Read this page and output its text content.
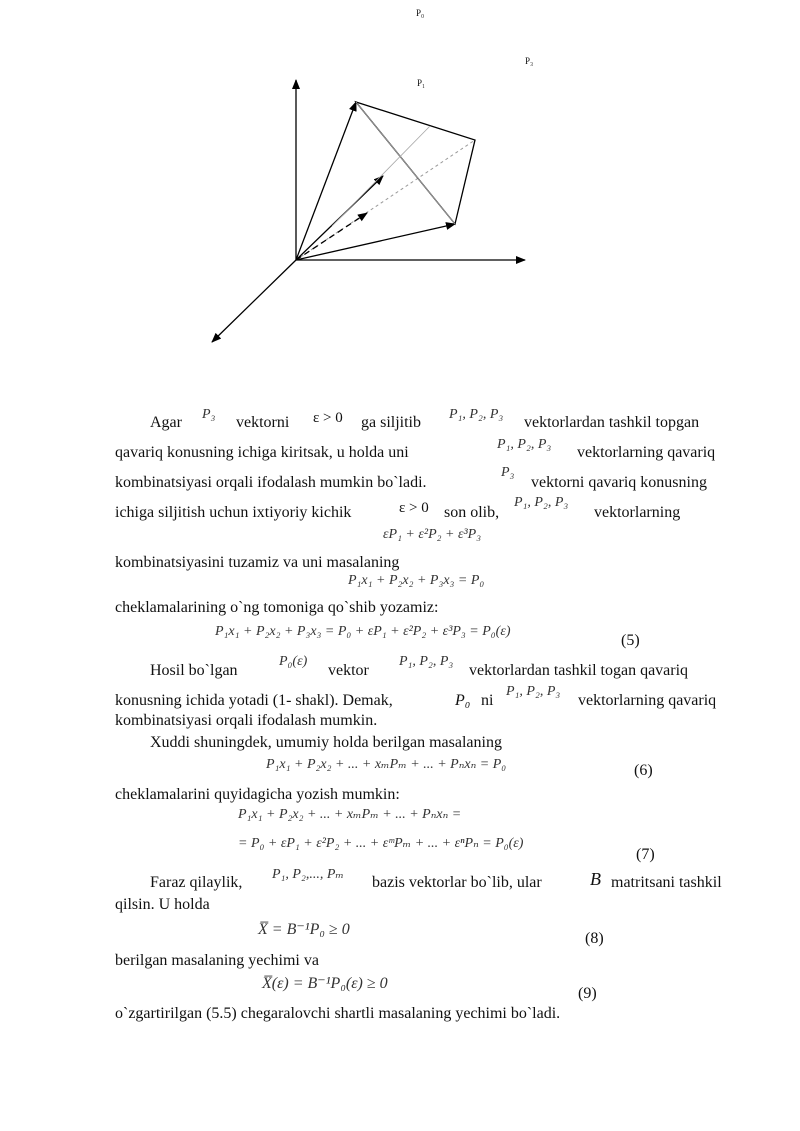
P₀
P₃
P₁
Agar P₃ vektorni ε > 0 ga siljitib P₁, P₂, P₃ vektorlardan tashkil topgan
qavariq konusning ichiga kiritsak, u holda uni	P₁, P₂, P₃ vektorlarning qavariq
kombinatsiyasi orqali ifodalash mumkin bo`ladi.
P₃
vektorni qavariq konusning
ichiga siljitish uchun ixtiyoriy kichik	ε > 0 son olib,
P₁, P₂, P₃
vektorlarning
εP₁ + ε²P₂ + ε³P₃
kombinatsiyasini tuzamiz va uni masalaning
P₁x₁ + P₂x₂ + P₃x₃ = P₀
cheklamalarining o`ng tomoniga qo`shib yozamiz:
P₁x₁ + P₂x₂ + P₃x₃ = P₀ + εP₁ + ε²P₂ + ε³P₃ = P₀(ε)
(5)
Hosil bo`lgan
P₀(ε)
vektor
P₁, P₂, P₃
vektorlardan tashkil togan qavariq
konusning ichida yotadi (1- shakl). Demak,	P₀ ni
P₁, P₂, P₃
vektorlarning qavariq
kombinatsiyasi orqali ifodalash mumkin.
Xuddi shuningdek, umumiy holda berilgan masalaning
P₁x₁ + P₂x₂ + ... + xₘPₘ + ... + Pₙxₙ = P₀	(6)
cheklamalarini quyidagicha yozish mumkin:
P₁x₁ + P₂x₂ + ... + xₘPₘ + ... + Pₙxₙ =
= P₀ + εP₁ + ε²P₂ + ... + εᵐPₘ + ... + εⁿPₙ = P₀(ε)
(7)
Faraz qilaylik, P₁, P₂,..., Pₘ bazis vektorlar bo`lib, ular	B matritsani tashkil
qilsin. U holda
X̅ = B⁻¹P₀ ≥ 0
(8)
berilgan masalaning yechimi va
X̅(ε) = B⁻¹P₀(ε) ≥ 0
(9)
o`zgartirilgan (5.5) chegaralovchi shartli masalaning yechimi bo`ladi.
